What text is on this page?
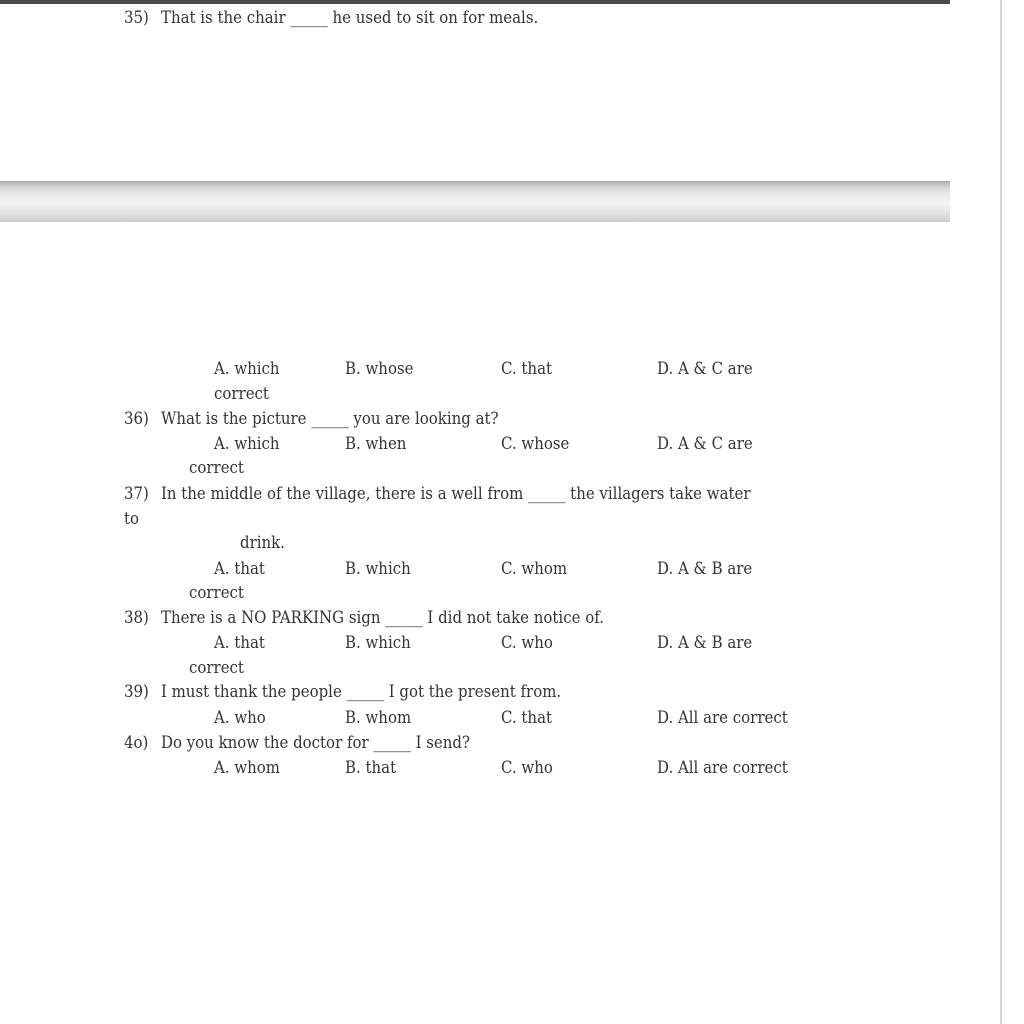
35) That is the chair _____ he used to sit on for meals.
A. which	B. whose	C. that	D. A & C are
correct
36) What is the picture _____ you are looking at?
A. which	B. when	C. whose	D. A & C are
correct
37) In the middle of the village, there is a well from _____ the villagers take water
to
drink.
A. that	B. which	C. whom	D. A & B are
correct
38) There is a NO PARKING sign _____ I did not take notice of.
A. that	B. which	C. who	D. A & B are
correct
39) I must thank the people _____ I got the present from.
A. who	B. whom	C. that	D. All are correct
4o) Do you know the doctor for _____ I send?
A. whom	B. that	C. who	D. All are correct
